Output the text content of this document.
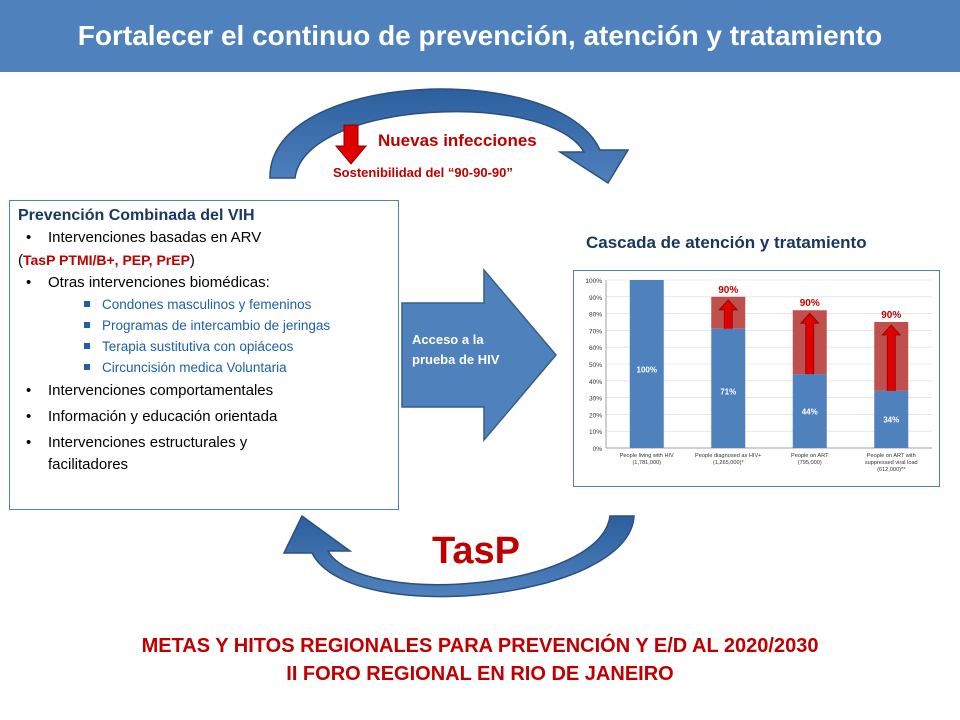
Fortalecer el continuo de prevención, atención y tratamiento
Nuevas infecciones
Sostenibilidad del “90-90-90”
Prevención Combinada del VIH
• Intervenciones basadas en ARV
(TasP PTMI/B+, PEP, PrEP)
• Otras intervenciones biomédicas:
Condones masculinos y femeninos
Programas de intercambio de jeringas
Terapia sustitutiva con opiáceos
Circuncisión medica Voluntaria
• Intervenciones comportamentales
• Información y educación orientada
• Intervenciones estructurales y facilitadores
Acceso a la prueba de HIV
Cascada de atención y tratamiento
0%
10%
20%
30%
40%
50%
60%
70%
80%
90%
100%
100%
People living with HIV (1,781,000)
90%
71%
People diagnosed as HIV+ (1,265,000)*
90%
44%
People on ART (795,000)
90%
34%
People on ART with suppressed viral load (612,000)**
TasP
METAS Y HITOS REGIONALES PARA PREVENCIÓN Y E/D AL 2020/2030
II FORO REGIONAL EN RIO DE JANEIRO
